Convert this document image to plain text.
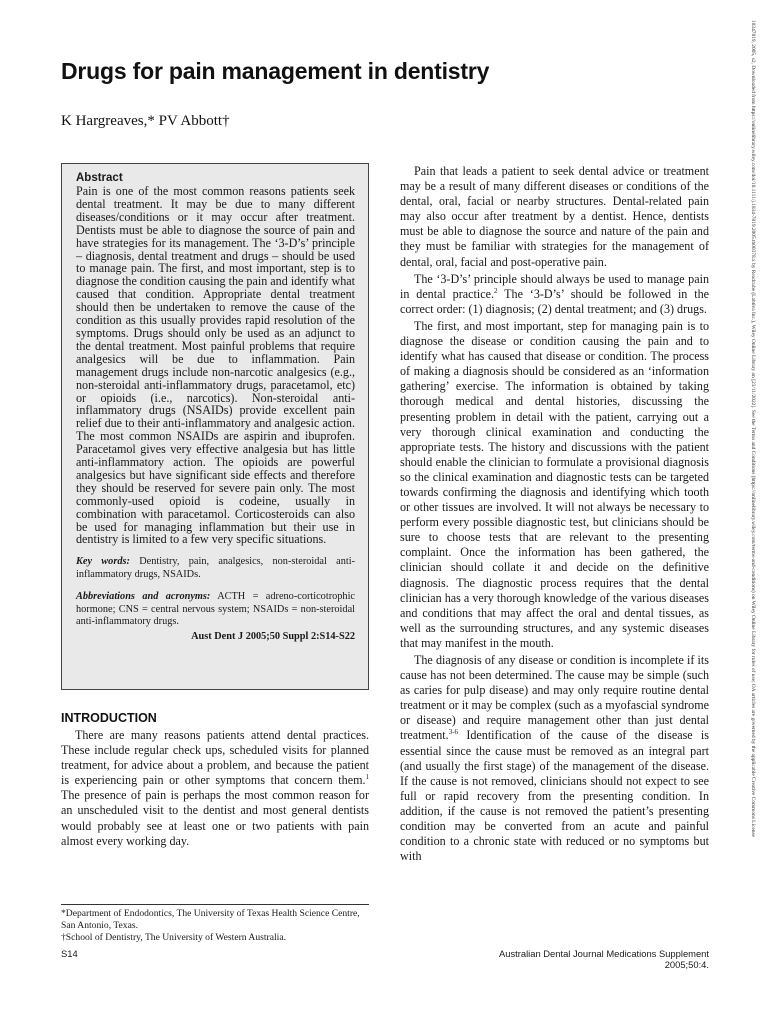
Drugs for pain management in dentistry
K Hargreaves,* PV Abbott†
Abstract

Pain is one of the most common reasons patients seek dental treatment. It may be due to many different diseases/conditions or it may occur after treatment. Dentists must be able to diagnose the source of pain and have strategies for its management. The ‘3-D’s’ principle – diagnosis, dental treatment and drugs – should be used to manage pain. The first, and most important, step is to diagnose the condition causing the pain and identify what caused that condition. Appropriate dental treatment should then be undertaken to remove the cause of the condition as this usually provides rapid resolution of the symptoms. Drugs should only be used as an adjunct to the dental treatment. Most painful problems that require analgesics will be due to inflammation. Pain management drugs include non-narcotic analgesics (e.g., non-steroidal anti-inflammatory drugs, paracetamol, etc) or opioids (i.e., narcotics). Non-steroidal anti-inflammatory drugs (NSAIDs) provide excellent pain relief due to their anti-inflammatory and analgesic action. The most common NSAIDs are aspirin and ibuprofen. Paracetamol gives very effective analgesia but has little anti-inflammatory action. The opioids are powerful analgesics but have significant side effects and therefore they should be reserved for severe pain only. The most commonly-used opioid is codeine, usually in combination with paracetamol. Corticosteroids can also be used for managing inflammation but their use in dentistry is limited to a few very specific situations.

Key words: Dentistry, pain, analgesics, non-steroidal anti-inflammatory drugs, NSAIDs.

Abbreviations and acronyms: ACTH = adreno-corticotrophic hormone; CNS = central nervous system; NSAIDs = non-steroidal anti-inflammatory drugs.

Aust Dent J 2005;50 Suppl 2:S14-S22
INTRODUCTION

There are many reasons patients attend dental practices. These include regular check ups, scheduled visits for planned treatment, for advice about a problem, and because the patient is experiencing pain or other symptoms that concern them.$^1$ The presence of pain is perhaps the most common reason for an unscheduled visit to the dentist and most general dentists would probably see at least one or two patients with pain almost every working day.

Pain that leads a patient to seek dental advice or treatment may be a result of many different diseases or conditions of the dental, oral, facial or nearby structures. Dental-related pain may also occur after treatment by a dentist. Hence, dentists must be able to diagnose the source and nature of the pain and they must be familiar with strategies for the management of dental, oral, facial and post-operative pain.

The ‘3-D’s’ principle should always be used to manage pain in dental practice.$^2$ The ‘3-D’s’ should be followed in the correct order: (1) diagnosis; (2) dental treatment; and (3) drugs.

The first, and most important, step for managing pain is to diagnose the disease or condition causing the pain and to identify what has caused that disease or condition. The process of making a diagnosis should be considered as an ‘information gathering’ exercise. The information is obtained by taking thorough medical and dental histories, discussing the presenting problem in detail with the patient, carrying out a very thorough clinical examination and conducting the appropriate tests. The history and discussions with the patient should enable the clinician to formulate a provisional diagnosis so the clinical examination and diagnostic tests can be targeted towards confirming the diagnosis and identifying which tooth or other tissues are involved. It will not always be necessary to perform every possible diagnostic test, but clinicians should be sure to choose tests that are relevant to the presenting complaint. Once the information has been gathered, the clinician should collate it and decide on the definitive diagnosis. The diagnostic process requires that the dental clinician has a very thorough knowledge of the various diseases and conditions that may affect the oral and dental tissues, as well as the surrounding structures, and any systemic diseases that may manifest in the mouth.

The diagnosis of any disease or condition is incomplete if its cause has not been determined. The cause may be simple (such as caries for pulp disease) and may only require routine dental treatment or it may be complex (such as a myofascial syndrome or disease) and require management other than just dental treatment.$^{3-6}$ Identification of the cause of the disease is essential since the cause must be removed as an integral part (and usually the first stage) of the management of the disease. If the cause is not removed, clinicians should not expect to see full or rapid recovery from the presenting condition. In addition, if the cause is not removed the patient’s presenting condition may be converted from an acute and painful condition to a chronic state with reduced or no symptoms but with

*Department of Endodontics, The University of Texas Health Science Centre, San Antonio, Texas.

†School of Dentistry, The University of Western Australia.

S14	Australian Dental Journal Medications Supplement 2005;50:4.
18347819, 2005, s2, Downloaded from https://onlinelibrary.wiley.com/doi/10.1111/j.1834-7819.2005.tb00378.x by Readcube (Labtiva Inc.), Wiley Online Library on [23/11/2022]. See the Terms and Conditions (https://onlinelibrary.wiley.com/terms-and-conditions) on Wiley Online Library for rules of use; OA articles are governed by the applicable Creative Commons License
